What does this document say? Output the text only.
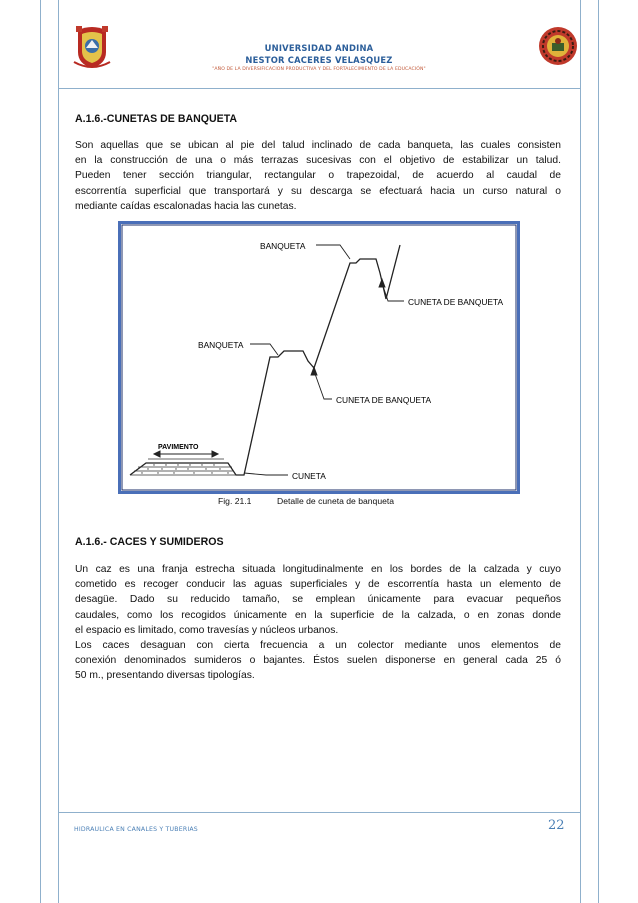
UNIVERSIDAD ANDINA
NESTOR CACERES VELASQUEZ
"AÑO DE LA DIVERSIFICACION PRODUCTIVA Y DEL FORTALECIMIENTO DE LA EDUCACIÓN"
A.1.6.-CUNETAS DE BANQUETA

Son aquellas que se ubican al pie del talud inclinado de cada banqueta, las cuales consisten

en la construcción de una o más terrazas sucesivas con el objetivo de estabilizar un talud.

Pueden tener sección triangular, rectangular o trapezoidal, de acuerdo al caudal de

escorrentía superficial que transportará y su descarga se efectuará hacia un curso natural o

mediante caídas escalonadas hacia las cunetas.

PAVIMENTO
BANQUETA
CUNETA DE BANQUETA
BANQUETA
CUNETA DE BANQUETA
CUNETA
Fig. 21.1	Detalle de cuneta de banqueta
A.1.6.- CACES Y SUMIDEROS

Un caz es una franja estrecha situada longitudinalmente en los bordes de la calzada y cuyo

cometido es recoger conducir las aguas superficiales y de escorrentía hasta un elemento de

desagüe. Dado su reducido tamaño, se emplean únicamente para evacuar pequeños

caudales, como los recogidos únicamente en la superficie de la calzada, o en zonas donde

el espacio es limitado, como travesías y núcleos urbanos.

Los caces desaguan con cierta frecuencia a un colector mediante unos elementos de

conexión denominados sumideros o bajantes. Éstos suelen disponerse en general cada 25 ó

50 m., presentando diversas tipologías.

HIDRAULICA EN CANALES Y TUBERIAS	22
